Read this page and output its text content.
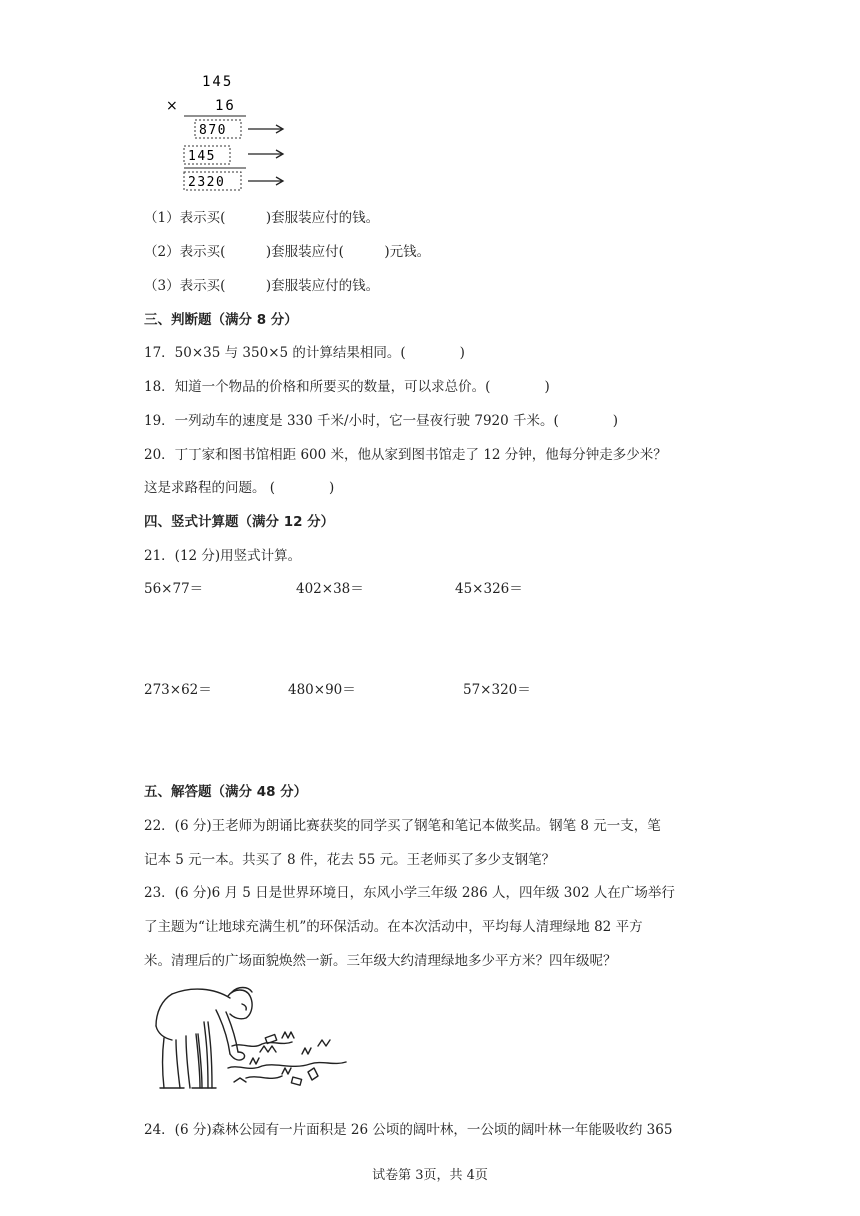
145
×	16
870
145
2320
（1）表示买(　　　)套服装应付的钱。
（2）表示买(　　　)套服装应付(　　　)元钱。
（3）表示买(　　　)套服装应付的钱。
三、判断题（满分 8 分）
17．50×35 与 350×5 的计算结果相同。(　　　　)
18．知道一个物品的价格和所要买的数量，可以求总价。(　　　　)
19．一列动车的速度是 330 千米/小时，它一昼夜行驶 7920 千米。(　　　　)
20．丁丁家和图书馆相距 600 米，他从家到图书馆走了 12 分钟，他每分钟走多少米？
这是求路程的问题。 (　　　　)
四、竖式计算题（满分 12 分）
21．(12 分)用竖式计算。
56×77＝	402×38＝	45×326＝
273×62＝	480×90＝	57×320＝
五、解答题（满分 48 分）
22．(6 分)王老师为朗诵比赛获奖的同学买了钢笔和笔记本做奖品。钢笔 8 元一支，笔
记本 5 元一本。共买了 8 件，花去 55 元。王老师买了多少支钢笔？
23．(6 分)6 月 5 日是世界环境日，东风小学三年级 286 人，四年级 302 人在广场举行
了主题为“让地球充满生机”的环保活动。在本次活动中，平均每人清理绿地 82 平方
米。清理后的广场面貌焕然一新。三年级大约清理绿地多少平方米？四年级呢？
24．(6 分)森林公园有一片面积是 26 公顷的阔叶林，一公顷的阔叶林一年能吸收约 365
试卷第 3页，共 4页
